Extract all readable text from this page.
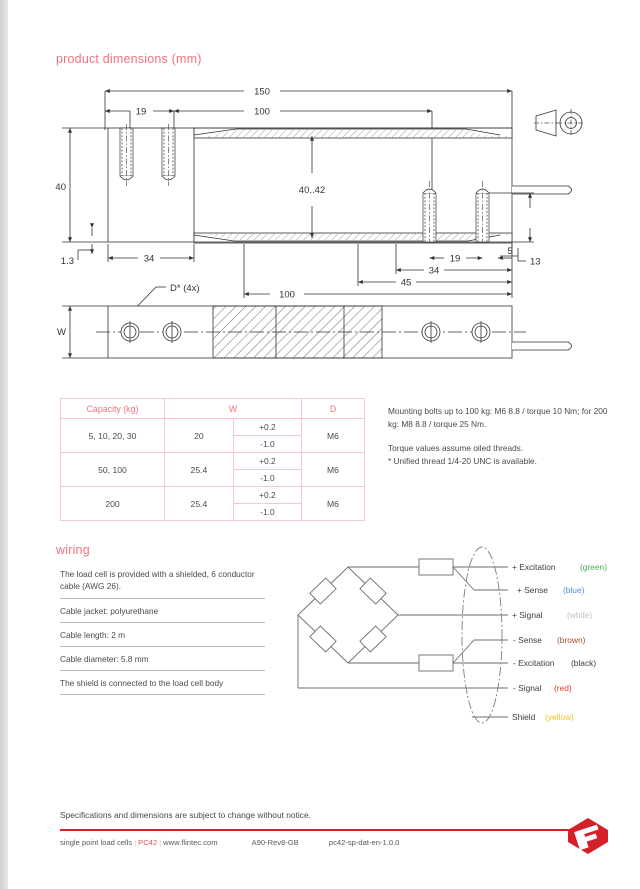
product dimensions (mm)
150
19	100
40
1.3
40..42
34	19
5
13
34
45
100
D* (4x)
W
Capacity (kg)	W		D
5, 10, 20, 30	20	+0.2	M6
		-1.0	
50, 100	25.4	+0.2	M6
		-1.0	
200	25.4	+0.2	M6
		-1.0	

Mounting bolts up to 100 kg: M6 8.8 / torque 10 Nm; for 200 kg: M8 8.8 / torque 25 Nm.

Torque values assume oiled threads.
* Unified thread 1/4-20 UNC is available.

wiring
The load cell is provided with a shielded, 6 conductor cable (AWG 26).
Cable jacket: polyurethane
Cable length: 2 m
Cable diameter: 5.8 mm
The shield is connected to the load cell body
+ Excitation	(green)
+ Sense (blue)
+ Signal	(white)
- Sense (brown)
- Excitation (black)
- Signal (red)
Shield (yellow)
Specifications and dimensions are subject to change without notice.
single point load cells | PC42 | www.flintec.com	A90-Rev8-GB	pc42-sp-dat-en-1.0.0
